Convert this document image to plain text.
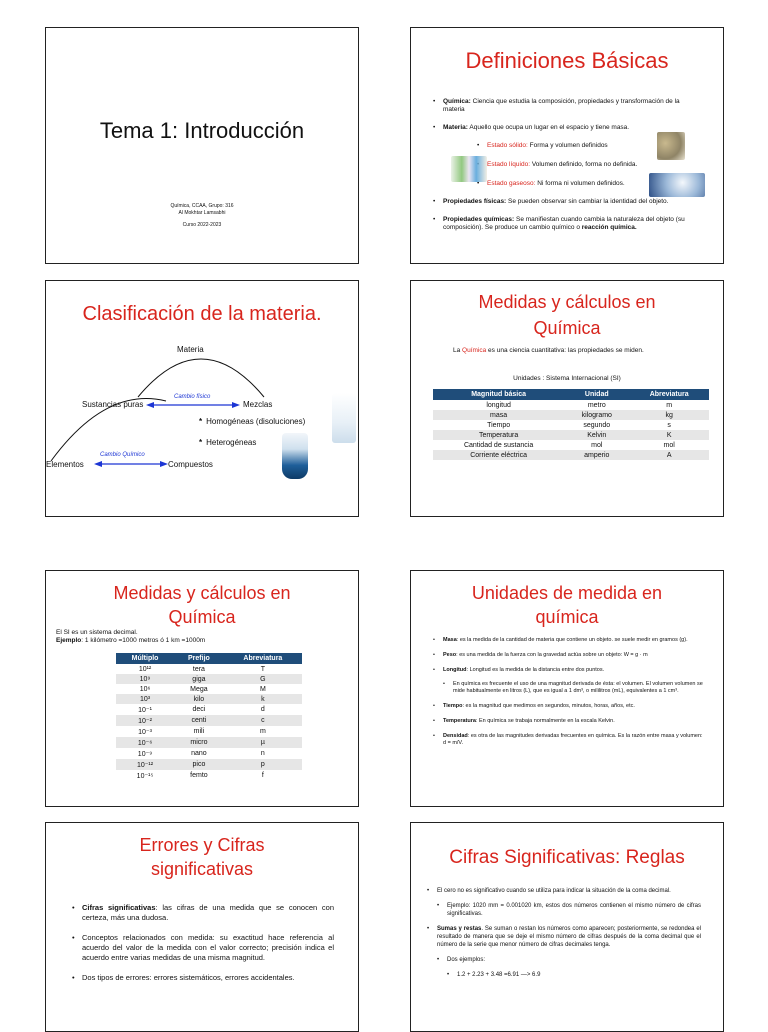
Tema 1: Introducción
Química, CCAA, Grupo: 316
Al Mokhtar Lamsabhi
Curso 2022-2023
Definiciones Básicas
• Química: Ciencia que estudia la composición, propiedades y transformación de la materia
• Materia: Aquello que ocupa un lugar en el espacio y tiene masa.
• Estado sólido: Forma y volumen definidos
• Estado líquido: Volumen definido, forma no definida.
• Estado gaseoso: Ni forma ni volumen definidos.
• Propiedades físicas: Se pueden observar sin cambiar la identidad del objeto.
• Propiedades químicas: Se manifiestan cuando cambia la naturaleza del objeto (su composición). Se produce un cambio químico o reacción química.
Clasificación de la materia.
Materia
Sustancias puras
Cambio físico
Mezclas
* Homogéneas (disoluciones)
* Heterogéneas
Elementos
Cambio Químico
Compuestos
Medidas y cálculos en Química
La Química es una ciencia cuantitativa: las propiedades se miden.
Unidades : Sistema Internacional (SI)
Magnitud básica	Unidad	Abreviatura
longitud	metro	m
masa	kilogramo	kg
Tiempo	segundo	s
Temperatura	Kelvin	K
Cantidad de sustancia	mol	mol
Corriente eléctrica	amperio	A
Medidas y cálculos en Química
El SI es un sistema decimal.
Ejemplo: 1 kilómetro =1000 metros ó 1 km =1000m
Múltiplo	Prefijo	Abreviatura
10¹²	tera	T
10⁹	giga	G
10⁶	Mega	M
10³	kilo	k
10⁻¹	deci	d
10⁻²	centi	c
10⁻³	mili	m
10⁻⁶	micro	µ
10⁻⁹	nano	n
10⁻¹²	pico	p
10⁻¹⁵	femto	f
Unidades de medida en química
• Masa: es la medida de la cantidad de materia que contiene un objeto. se suele medir en gramos (g).
• Peso: es una medida de la fuerza con la gravedad actúa sobre un objeto: W = g · m
• Longitud: Longitud es la medida de la distancia entre dos puntos.
• En química es frecuente el uso de una magnitud derivada de ésta: el volumen. El volumen volumen se mide habitualmente en litros (L), que es igual a 1 dm³, o mililitros (mL), equivalentes a 1 cm³.
• Tiempo: es la magnitud que medimos en segundos, minutos, horas, años, etc.
• Temperatura: En química se trabaja normalmente en la escala Kelvin.
• Densidad: es otra de las magnitudes derivadas frecuentes en química. Es la razón entre masa y volumen: d = m/V.
Errores y Cifras significativas
• Cifras significativas: las cifras de una medida que se conocen con certeza, más una dudosa.
• Conceptos relacionados con medida: su exactitud hace referencia al acuerdo del valor de la medida con el valor correcto; precisión indica el acuerdo entre varias medidas de una misma magnitud.
• Dos tipos de errores: errores sistemáticos, errores accidentales.
Cifras Significativas: Reglas
• El cero no es significativo cuando se utiliza para indicar la situación de la coma decimal.
• Ejemplo: 1020 mm = 0.001020 km, estos dos números contienen el mismo número de cifras significativas.
• Sumas y restas. Se suman o restan los números como aparecen; posteriormente, se redondea el resultado de manera que se deje el mismo número de cifras después de la coma decimal que el número de la serie que menor número de cifras decimales tenga.
• Dos ejemplos:
• 1.2 + 2.23 + 3.48 =6.91 —> 6.9
